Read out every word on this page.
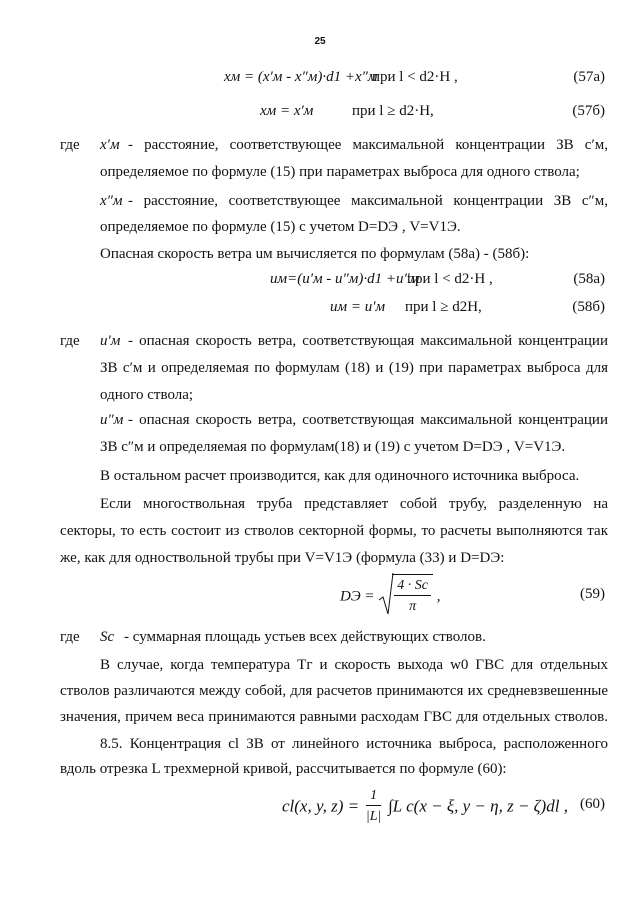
25
xм = (x′м - x″м)·d1 +x″м
при l < d2·H ,	(57а)
xм = x′м	при l ≥ d2·H,	(57б)
где x′м - расстояние, соответствующее максимальной концентрации ЗВ c′м,
определяемое по формуле (15) при параметрах выброса для одного ствола;
x″м - расстояние, соответствующее максимальной концентрации ЗВ c″м,
определяемое по формуле (15) с учетом D=DЭ , V=V1Э.
Опасная скорость ветра uм вычисляется по формулам (58а) - (58б):
uм=(u′м - u″м)·d1 +u″м
при l < d2·H ,	(58а)
uм = u′м при l ≥ d2H,	(58б)
где u′м - опасная скорость ветра, соответствующая максимальной концентрации
ЗВ c′м и определяемая по формулам (18) и (19) при параметрах выброса для
одного ствола;
u″м - опасная скорость ветра, соответствующая максимальной концентрации
ЗВ c″м и определяемая по формулам(18) и (19) с учетом D=DЭ , V=V1Э.
В остальном расчет производится, как для одиночного источника выброса.
Если многоствольная труба представляет собой трубу, разделенную на
секторы, то есть состоит из стволов секторной формы, то расчеты выполняются так
же, как для одноствольной трубы при V=V1Э (формула (33) и D=DЭ:
DЭ = $\frac{4 \cdot Sc}{\pi}$ ,	(59)
где Sc - суммарная площадь устьев всех действующих стволов.
В случае, когда температура Tг и скорость выхода w0 ГВС для отдельных
стволов различаются между собой, для расчетов принимаются их средневзвешенные
значения, причем веса принимаются равными расходам ГВС для отдельных стволов.
8.5. Концентрация cl ЗВ от линейного источника выброса, расположенного
вдоль отрезка L трехмерной кривой, рассчитывается по формуле (60):
cl(x, y, $z) = \frac{1}{|L|} \int L$ c(x − ξ, y − η, z − ζ)dl , (60)
